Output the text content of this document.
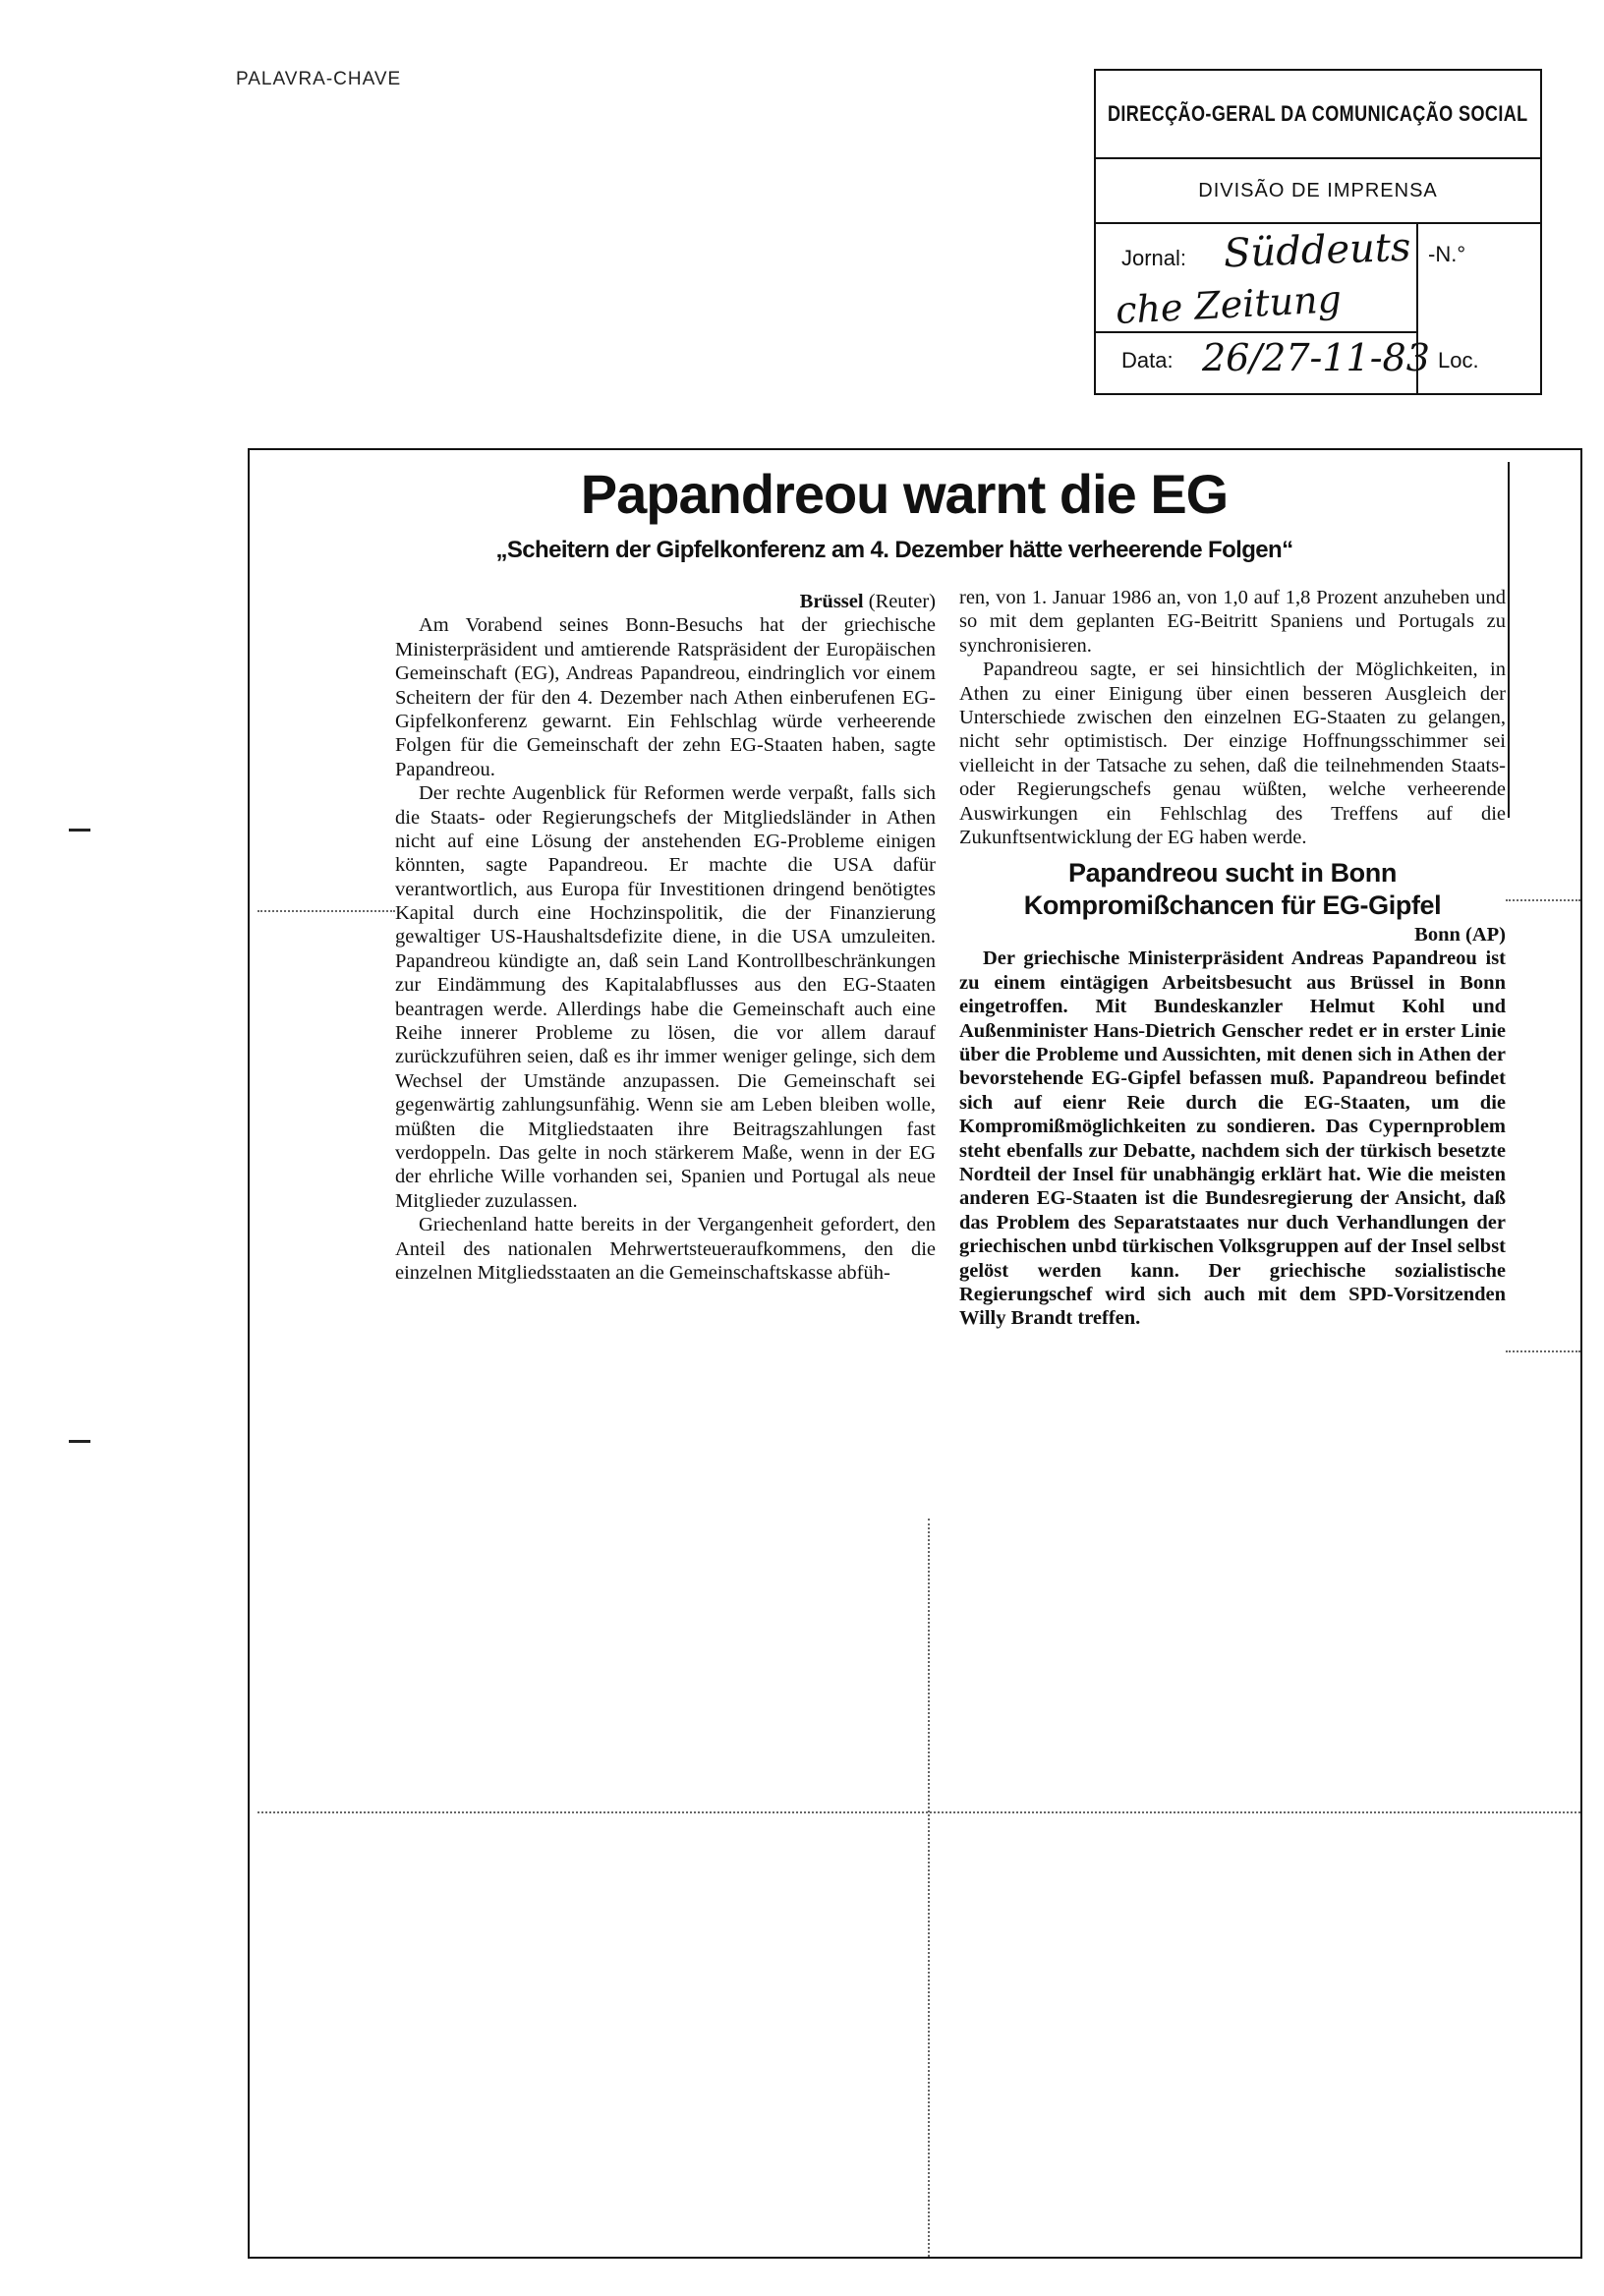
PALAVRA-CHAVE
DIRECÇÃO-GERAL DA COMUNICAÇÃO SOCIAL
DIVISÃO DE IMPRENSA
Jornal: Süddeuts -N.°
che Zeitung
Data: 26/27-11-83 Loc.
Papandreou warnt die EG
„Scheitern der Gipfelkonferenz am 4. Dezember hätte verheerende Folgen“

Brüssel (Reuter)

Am Vorabend seines Bonn-Besuchs hat der griechische Ministerpräsident und amtierende Ratspräsident der Europäischen Gemeinschaft (EG), Andreas Papandreou, eindringlich vor einem Scheitern der für den 4. Dezember nach Athen einberufenen EG-Gipfelkonferenz gewarnt. Ein Fehlschlag würde verheerende Folgen für die Gemeinschaft der zehn EG-Staaten haben, sagte Papandreou.

Der rechte Augenblick für Reformen werde verpaßt, falls sich die Staats- oder Regierungschefs der Mitgliedsländer in Athen nicht auf eine Lösung der anstehenden EG-Probleme einigen könnten, sagte Papandreou. Er machte die USA dafür verantwortlich, aus Europa für Investitionen dringend benötigtes Kapital durch eine Hochzinspolitik, die der Finanzierung gewaltiger US-Haushaltsdefizite diene, in die USA umzuleiten. Papandreou kündigte an, daß sein Land Kontrollbeschränkungen zur Eindämmung des Kapitalabflusses aus den EG-Staaten beantragen werde. Allerdings habe die Gemeinschaft auch eine Reihe innerer Probleme zu lösen, die vor allem darauf zurückzuführen seien, daß es ihr immer weniger gelinge, sich dem Wechsel der Umstände anzupassen. Die Gemeinschaft sei gegenwärtig zahlungsunfähig. Wenn sie am Leben bleiben wolle, müßten die Mitgliedstaaten ihre Beitragszahlungen fast verdoppeln. Das gelte in noch stärkerem Maße, wenn in der EG der ehrliche Wille vorhanden sei, Spanien und Portugal als neue Mitglieder zuzulassen.

Griechenland hatte bereits in der Vergangenheit gefordert, den Anteil des nationalen Mehrwertsteueraufkommens, den die einzelnen Mitgliedsstaaten an die Gemeinschaftskasse abfüh-

ren, von 1. Januar 1986 an, von 1,0 auf 1,8 Prozent anzuheben und so mit dem geplanten EG-Beitritt Spaniens und Portugals zu synchronisieren.

Papandreou sagte, er sei hinsichtlich der Möglichkeiten, in Athen zu einer Einigung über einen besseren Ausgleich der Unterschiede zwischen den einzelnen EG-Staaten zu gelangen, nicht sehr optimistisch. Der einzige Hoffnungsschimmer sei vielleicht in der Tatsache zu sehen, daß die teilnehmenden Staats- oder Regierungschefs genau wüßten, welche verheerende Auswirkungen ein Fehlschlag des Treffens auf die Zukunftsentwicklung der EG haben werde.

Papandreou sucht in Bonn
Kompromißchancen für EG-Gipfel

Bonn (AP)

Der griechische Ministerpräsident Andreas Papandreou ist zu einem eintägigen Arbeitsbesucht aus Brüssel in Bonn eingetroffen. Mit Bundeskanzler Helmut Kohl und Außenminister Hans-Dietrich Genscher redet er in erster Linie über die Probleme und Aussichten, mit denen sich in Athen der bevorstehende EG-Gipfel befassen muß. Papandreou befindet sich auf eienr Reie durch die EG-Staaten, um die Kompromißmöglichkeiten zu sondieren. Das Cypernproblem steht ebenfalls zur Debatte, nachdem sich der türkisch besetzte Nordteil der Insel für unabhängig erklärt hat. Wie die meisten anderen EG-Staaten ist die Bundesregierung der Ansicht, daß das Problem des Separatstaates nur duch Verhandlungen der griechischen unbd türkischen Volksgruppen auf der Insel selbst gelöst werden kann. Der griechische sozialistische Regierungschef wird sich auch mit dem SPD-Vorsitzenden Willy Brandt treffen.
